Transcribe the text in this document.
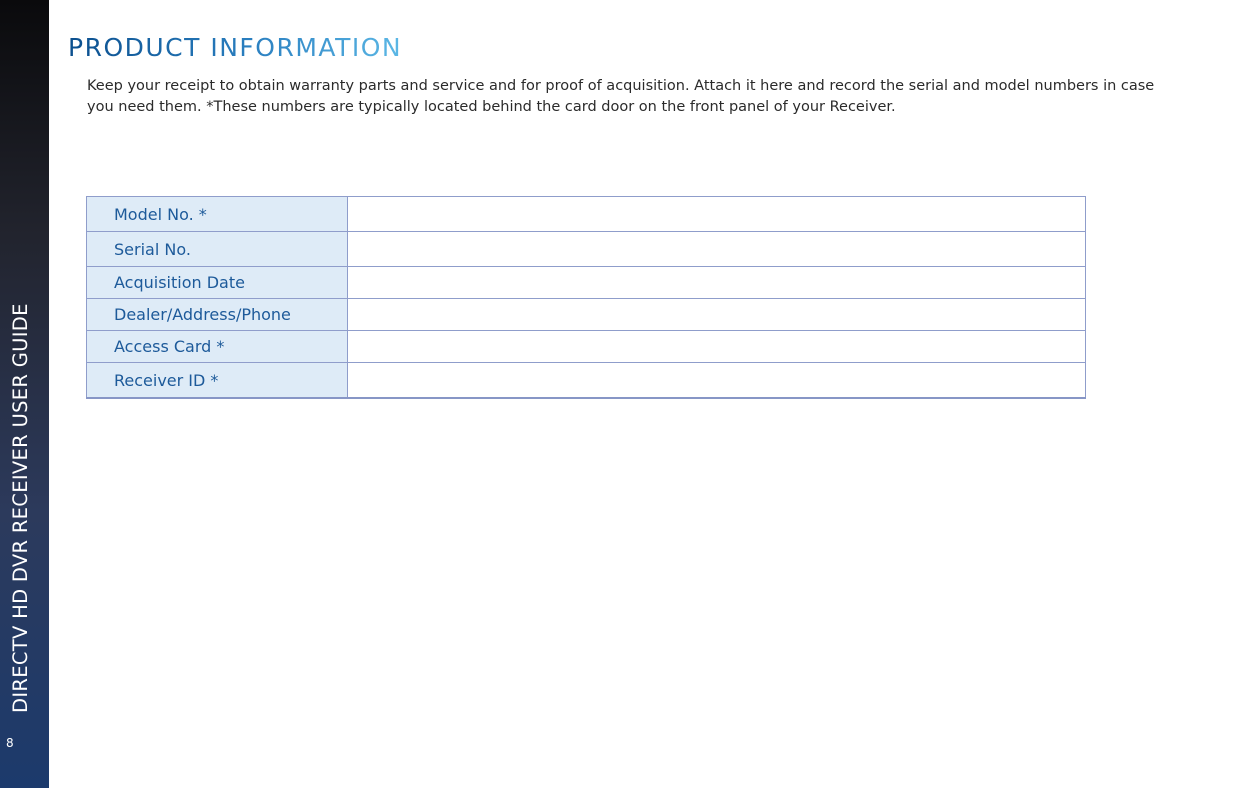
DIRECTV HD DVR RECEIVER USER GUIDE
8
PRODUCT INFORMATION

Keep your receipt to obtain warranty parts and service and for proof of acquisition. Attach it here and record the serial and model numbers in case you need them. *These numbers are typically located behind the card door on the front panel of your Receiver.

Model No. *	
Serial No.	
Acquisition Date	
Dealer/Address/Phone	
Access Card *	
Receiver ID *	
